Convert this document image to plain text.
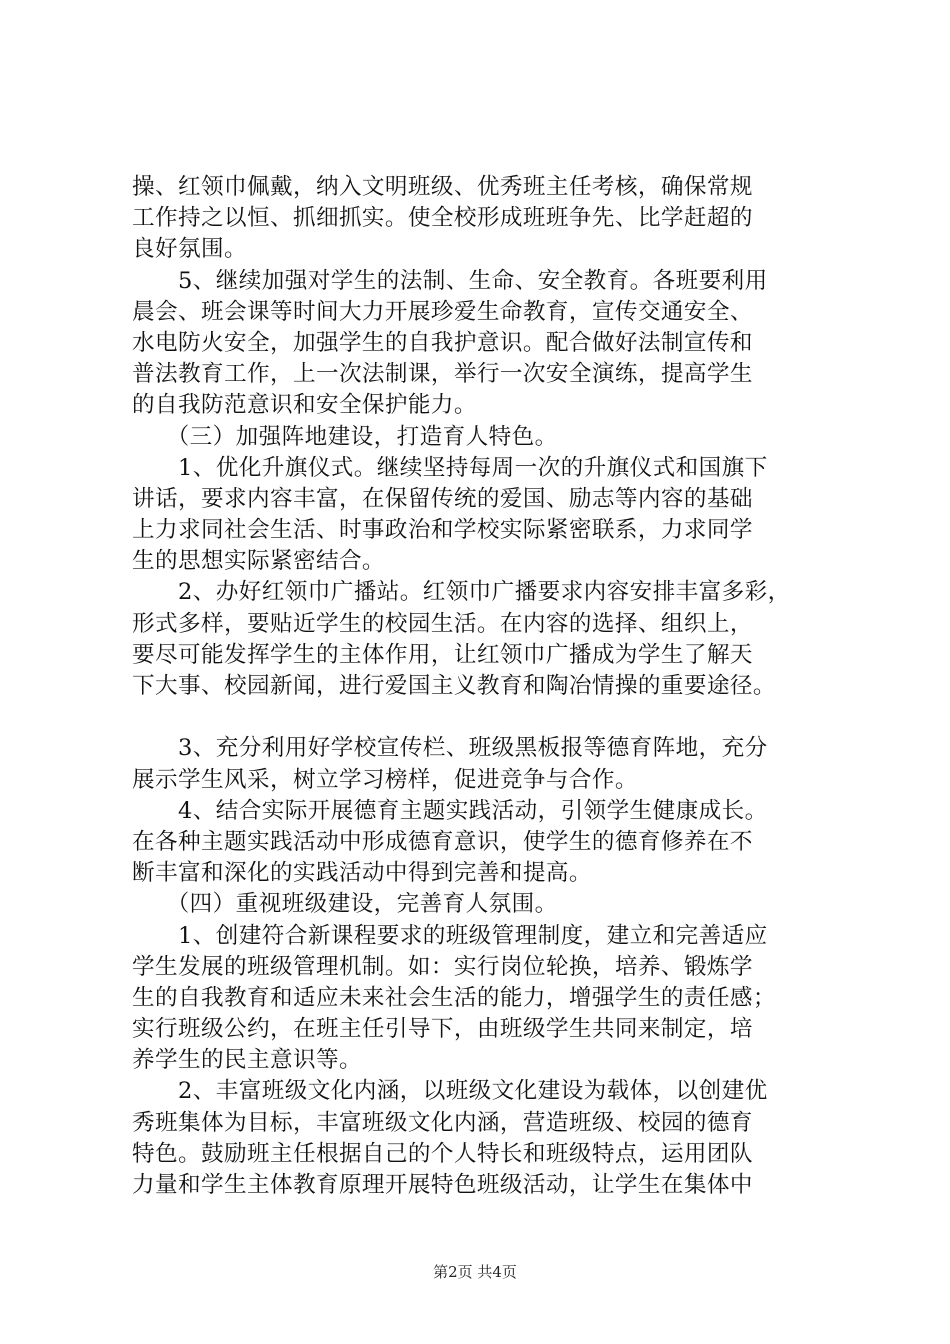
操、红领巾佩戴，纳入文明班级、优秀班主任考核，确保常规
工作持之以恒、抓细抓实。使全校形成班班争先、比学赶超的
良好氛围。
　　5、继续加强对学生的法制、生命、安全教育。各班要利用
晨会、班会课等时间大力开展珍爱生命教育，宣传交通安全、
水电防火安全，加强学生的自我护意识。配合做好法制宣传和
普法教育工作，上一次法制课，举行一次安全演练，提高学生
的自我防范意识和安全保护能力。
　　（三）加强阵地建设，打造育人特色。
　　1、优化升旗仪式。继续坚持每周一次的升旗仪式和国旗下
讲话，要求内容丰富，在保留传统的爱国、励志等内容的基础
上力求同社会生活、时事政治和学校实际紧密联系，力求同学
生的思想实际紧密结合。
　　2、办好红领巾广播站。红领巾广播要求内容安排丰富多彩，
形式多样，要贴近学生的校园生活。在内容的选择、组织上，
要尽可能发挥学生的主体作用，让红领巾广播成为学生了解天
下大事、校园新闻，进行爱国主义教育和陶冶情操的重要途径。
　　3、充分利用好学校宣传栏、班级黑板报等德育阵地，充分
展示学生风采，树立学习榜样，促进竞争与合作。
　　4、结合实际开展德育主题实践活动，引领学生健康成长。
在各种主题实践活动中形成德育意识，使学生的德育修养在不
断丰富和深化的实践活动中得到完善和提高。
　　（四）重视班级建设，完善育人氛围。
　　1、创建符合新课程要求的班级管理制度，建立和完善适应
学生发展的班级管理机制。如：实行岗位轮换，培养、锻炼学
生的自我教育和适应未来社会生活的能力，增强学生的责任感；
实行班级公约，在班主任引导下，由班级学生共同来制定，培
养学生的民主意识等。
　　2、丰富班级文化内涵，以班级文化建设为载体，以创建优
秀班集体为目标，丰富班级文化内涵，营造班级、校园的德育
特色。鼓励班主任根据自己的个人特长和班级特点，运用团队
力量和学生主体教育原理开展特色班级活动，让学生在集体中
第2页 共4页
